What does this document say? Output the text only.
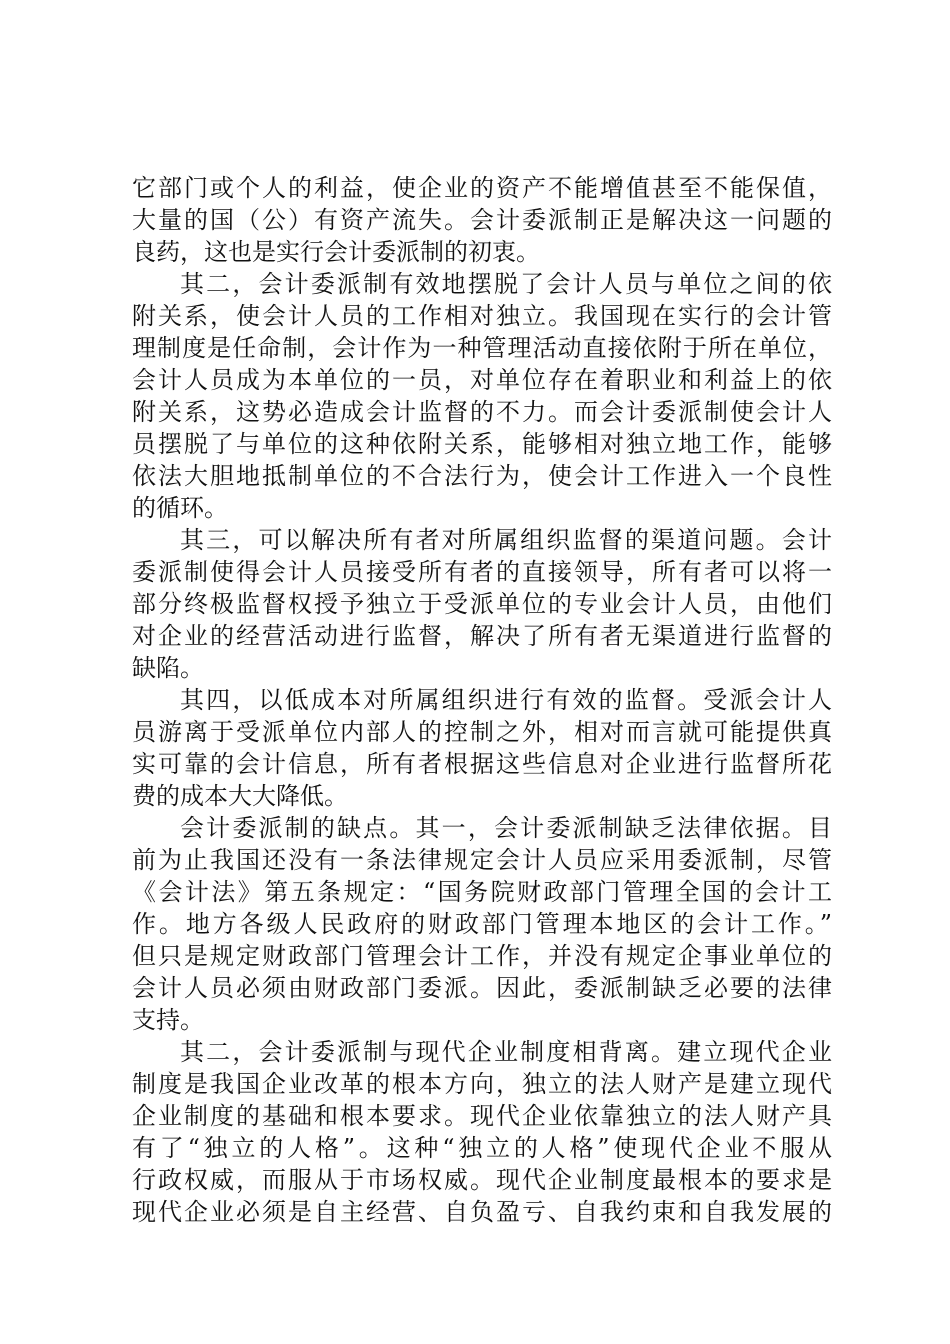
它部门或个人的利益，使企业的资产不能增值甚至不能保值，
大量的国（公）有资产流失。会计委派制正是解决这一问题的
良药，这也是实行会计委派制的初衷。
其二，会计委派制有效地摆脱了会计人员与单位之间的依
附关系，使会计人员的工作相对独立。我国现在实行的会计管
理制度是任命制，会计作为一种管理活动直接依附于所在单位，
会计人员成为本单位的一员，对单位存在着职业和利益上的依
附关系，这势必造成会计监督的不力。而会计委派制使会计人
员摆脱了与单位的这种依附关系，能够相对独立地工作，能够
依法大胆地抵制单位的不合法行为，使会计工作进入一个良性
的循环。
其三，可以解决所有者对所属组织监督的渠道问题。会计
委派制使得会计人员接受所有者的直接领导，所有者可以将一
部分终极监督权授予独立于受派单位的专业会计人员，由他们
对企业的经营活动进行监督，解决了所有者无渠道进行监督的
缺陷。
其四，以低成本对所属组织进行有效的监督。受派会计人
员游离于受派单位内部人的控制之外，相对而言就可能提供真
实可靠的会计信息，所有者根据这些信息对企业进行监督所花
费的成本大大降低。
会计委派制的缺点。其一，会计委派制缺乏法律依据。目
前为止我国还没有一条法律规定会计人员应采用委派制，尽管
《会计法》第五条规定：“国务院财政部门管理全国的会计工
作。地方各级人民政府的财政部门管理本地区的会计工作。”
但只是规定财政部门管理会计工作，并没有规定企事业单位的
会计人员必须由财政部门委派。因此，委派制缺乏必要的法律
支持。
其二，会计委派制与现代企业制度相背离。建立现代企业
制度是我国企业改革的根本方向，独立的法人财产是建立现代
企业制度的基础和根本要求。现代企业依靠独立的法人财产具
有了“独立的人格”。这种“独立的人格”使现代企业不服从
行政权威，而服从于市场权威。现代企业制度最根本的要求是
现代企业必须是自主经营、自负盈亏、自我约束和自我发展的
